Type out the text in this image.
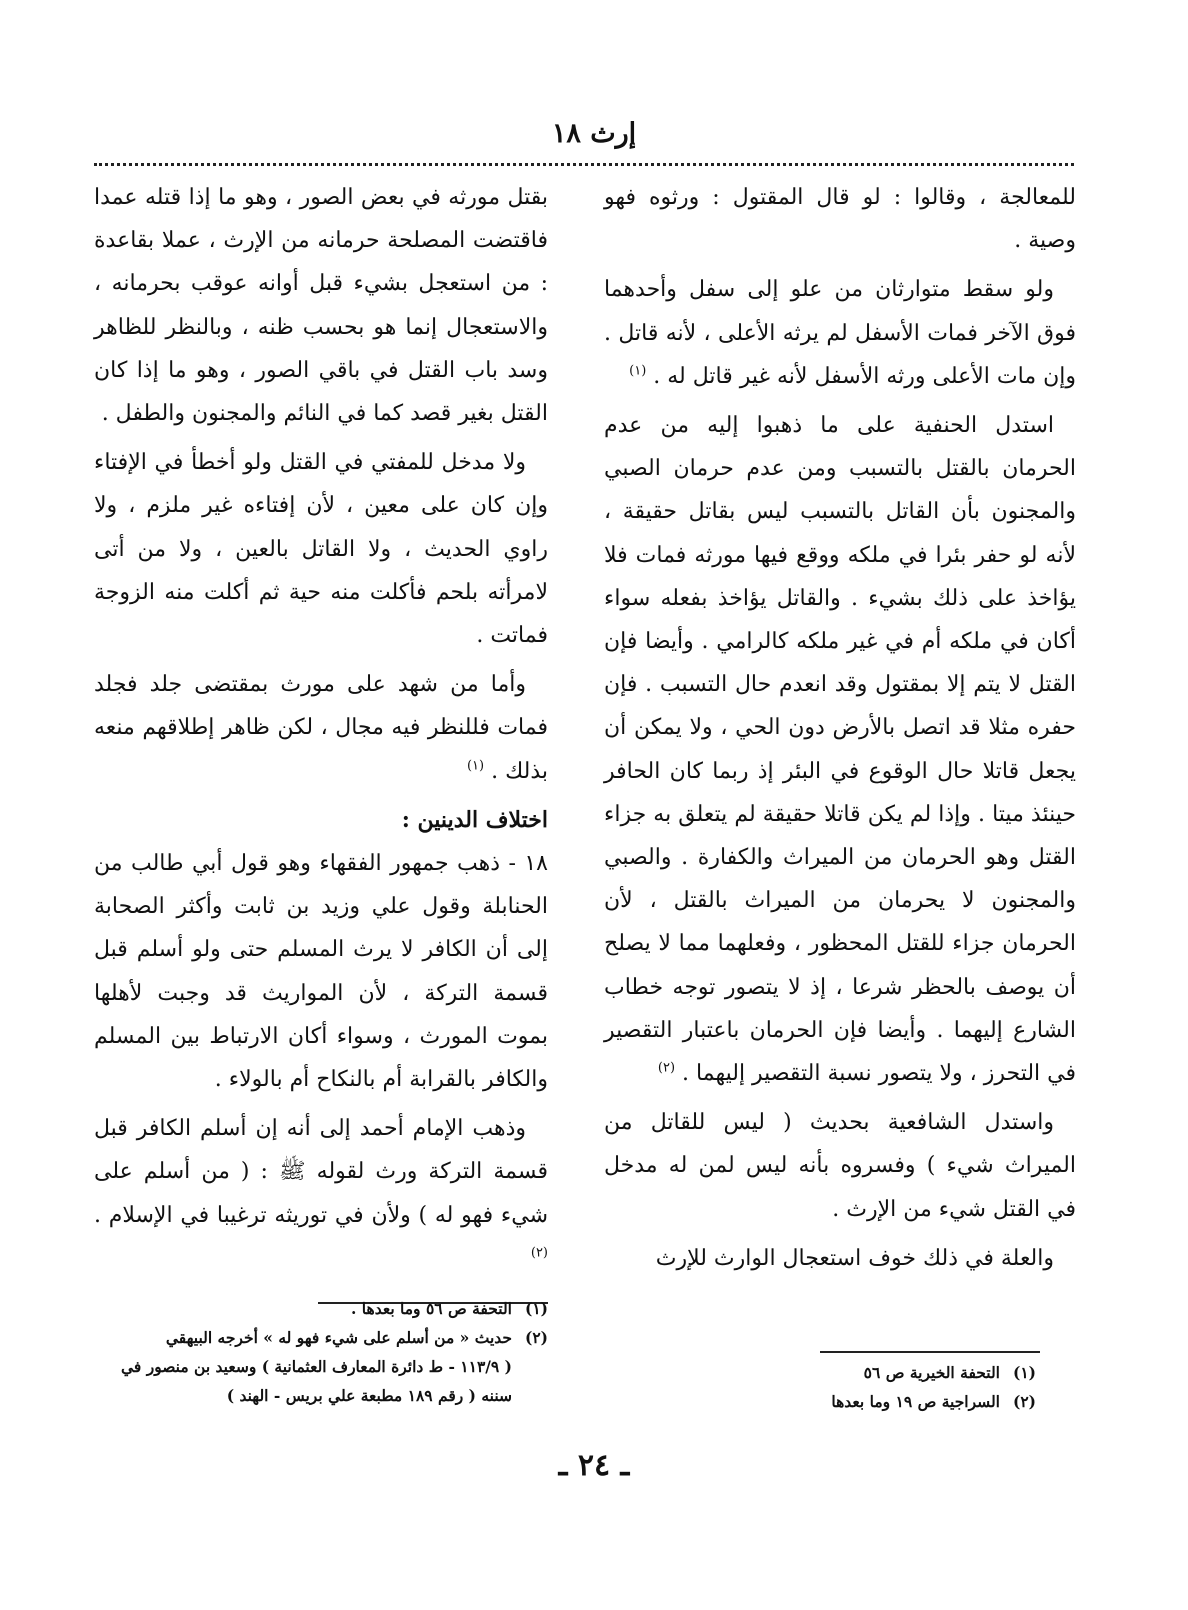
إرث ١٨

للمعالجة ، وقالوا : لو قال المقتول : ورثوه فهو وصية .

ولو سقط متوارثان من علو إلى سفل وأحدهما فوق الآخر فمات الأسفل لم يرثه الأعلى ، لأنه قاتل . وإن مات الأعلى ورثه الأسفل لأنه غير قاتل له . $^{(١)}$

استدل الحنفية على ما ذهبوا إليه من عدم الحرمان بالقتل بالتسبب ومن عدم حرمان الصبي والمجنون بأن القاتل بالتسبب ليس بقاتل حقيقة ، لأنه لو حفر بئرا في ملكه ووقع فيها مورثه فمات فلا يؤاخذ على ذلك بشيء . والقاتل يؤاخذ بفعله سواء أكان في ملكه أم في غير ملكه كالرامي . وأيضا فإن القتل لا يتم إلا بمقتول وقد انعدم حال التسبب . فإن حفره مثلا قد اتصل بالأرض دون الحي ، ولا يمكن أن يجعل قاتلا حال الوقوع في البئر إذ ربما كان الحافر حينئذ ميتا . وإذا لم يكن قاتلا حقيقة لم يتعلق به جزاء القتل وهو الحرمان من الميراث والكفارة . والصبي والمجنون لا يحرمان من الميراث بالقتل ، لأن الحرمان جزاء للقتل المحظور ، وفعلهما مما لا يصلح أن يوصف بالحظر شرعا ، إذ لا يتصور توجه خطاب الشارع إليهما . وأيضا فإن الحرمان باعتبار التقصير في التحرز ، ولا يتصور نسبة التقصير إليهما . $^{(٢)}$

واستدل الشافعية بحديث ( ليس للقاتل من الميراث شيء ) وفسروه بأنه ليس لمن له مدخل في القتل شيء من الإرث .

والعلة في ذلك خوف استعجال الوارث للإرث

(١)التحفة الخيرية ص ٥٦
(٢)السراجية ص ١٩ وما بعدها

بقتل مورثه في بعض الصور ، وهو ما إذا قتله عمدا فاقتضت المصلحة حرمانه من الإرث ، عملا بقاعدة : من استعجل بشيء قبل أوانه عوقب بحرمانه ، والاستعجال إنما هو بحسب ظنه ، وبالنظر للظاهر وسد باب القتل في باقي الصور ، وهو ما إذا كان القتل بغير قصد كما في النائم والمجنون والطفل .

ولا مدخل للمفتي في القتل ولو أخطأ في الإفتاء وإن كان على معين ، لأن إفتاءه غير ملزم ، ولا راوي الحديث ، ولا القاتل بالعين ، ولا من أتى لامرأته بلحم فأكلت منه حية ثم أكلت منه الزوجة فماتت .

وأما من شهد على مورث بمقتضى جلد فجلد فمات فللنظر فيه مجال ، لكن ظاهر إطلاقهم منعه بذلك . $^{(١)}$

اختلاف الدينين :

١٨ - ذهب جمهور الفقهاء وهو قول أبي طالب من الحنابلة وقول علي وزيد بن ثابت وأكثر الصحابة إلى أن الكافر لا يرث المسلم حتى ولو أسلم قبل قسمة التركة ، لأن المواريث قد وجبت لأهلها بموت المورث ، وسواء أكان الارتباط بين المسلم والكافر بالقرابة أم بالنكاح أم بالولاء .

وذهب الإمام أحمد إلى أنه إن أسلم الكافر قبل قسمة التركة ورث لقوله ﷺ : ( من أسلم على شيء فهو له ) ولأن في توريثه ترغيبا في الإسلام . $^{(٢)}$

(١)التحفة ص ٥٦ وما بعدها .
(٢)حديث « من أسلم على شيء فهو له » أخرجه البيهقي
( ١١٣/٩ - ط دائرة المعارف العثمانية ) وسعيد بن منصور في
سننه ( رقم ١٨٩ مطبعة علي بريس - الهند )
ـ ٢٤ ـ
